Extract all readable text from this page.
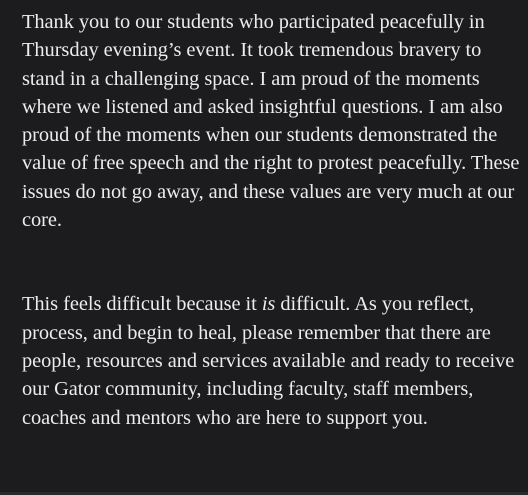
Thank you to our students who participated peacefully in Thursday evening’s event. It took tremendous bravery to stand in a challenging space. I am proud of the moments where we listened and asked insightful questions. I am also proud of the moments when our students demonstrated the value of free speech and the right to protest peacefully. These issues do not go away, and these values are very much at our core.

This feels difficult because it is difficult. As you reflect, process, and begin to heal, please remember that there are people, resources and services available and ready to receive our Gator community, including faculty, staff members, coaches and mentors who are here to support you.
